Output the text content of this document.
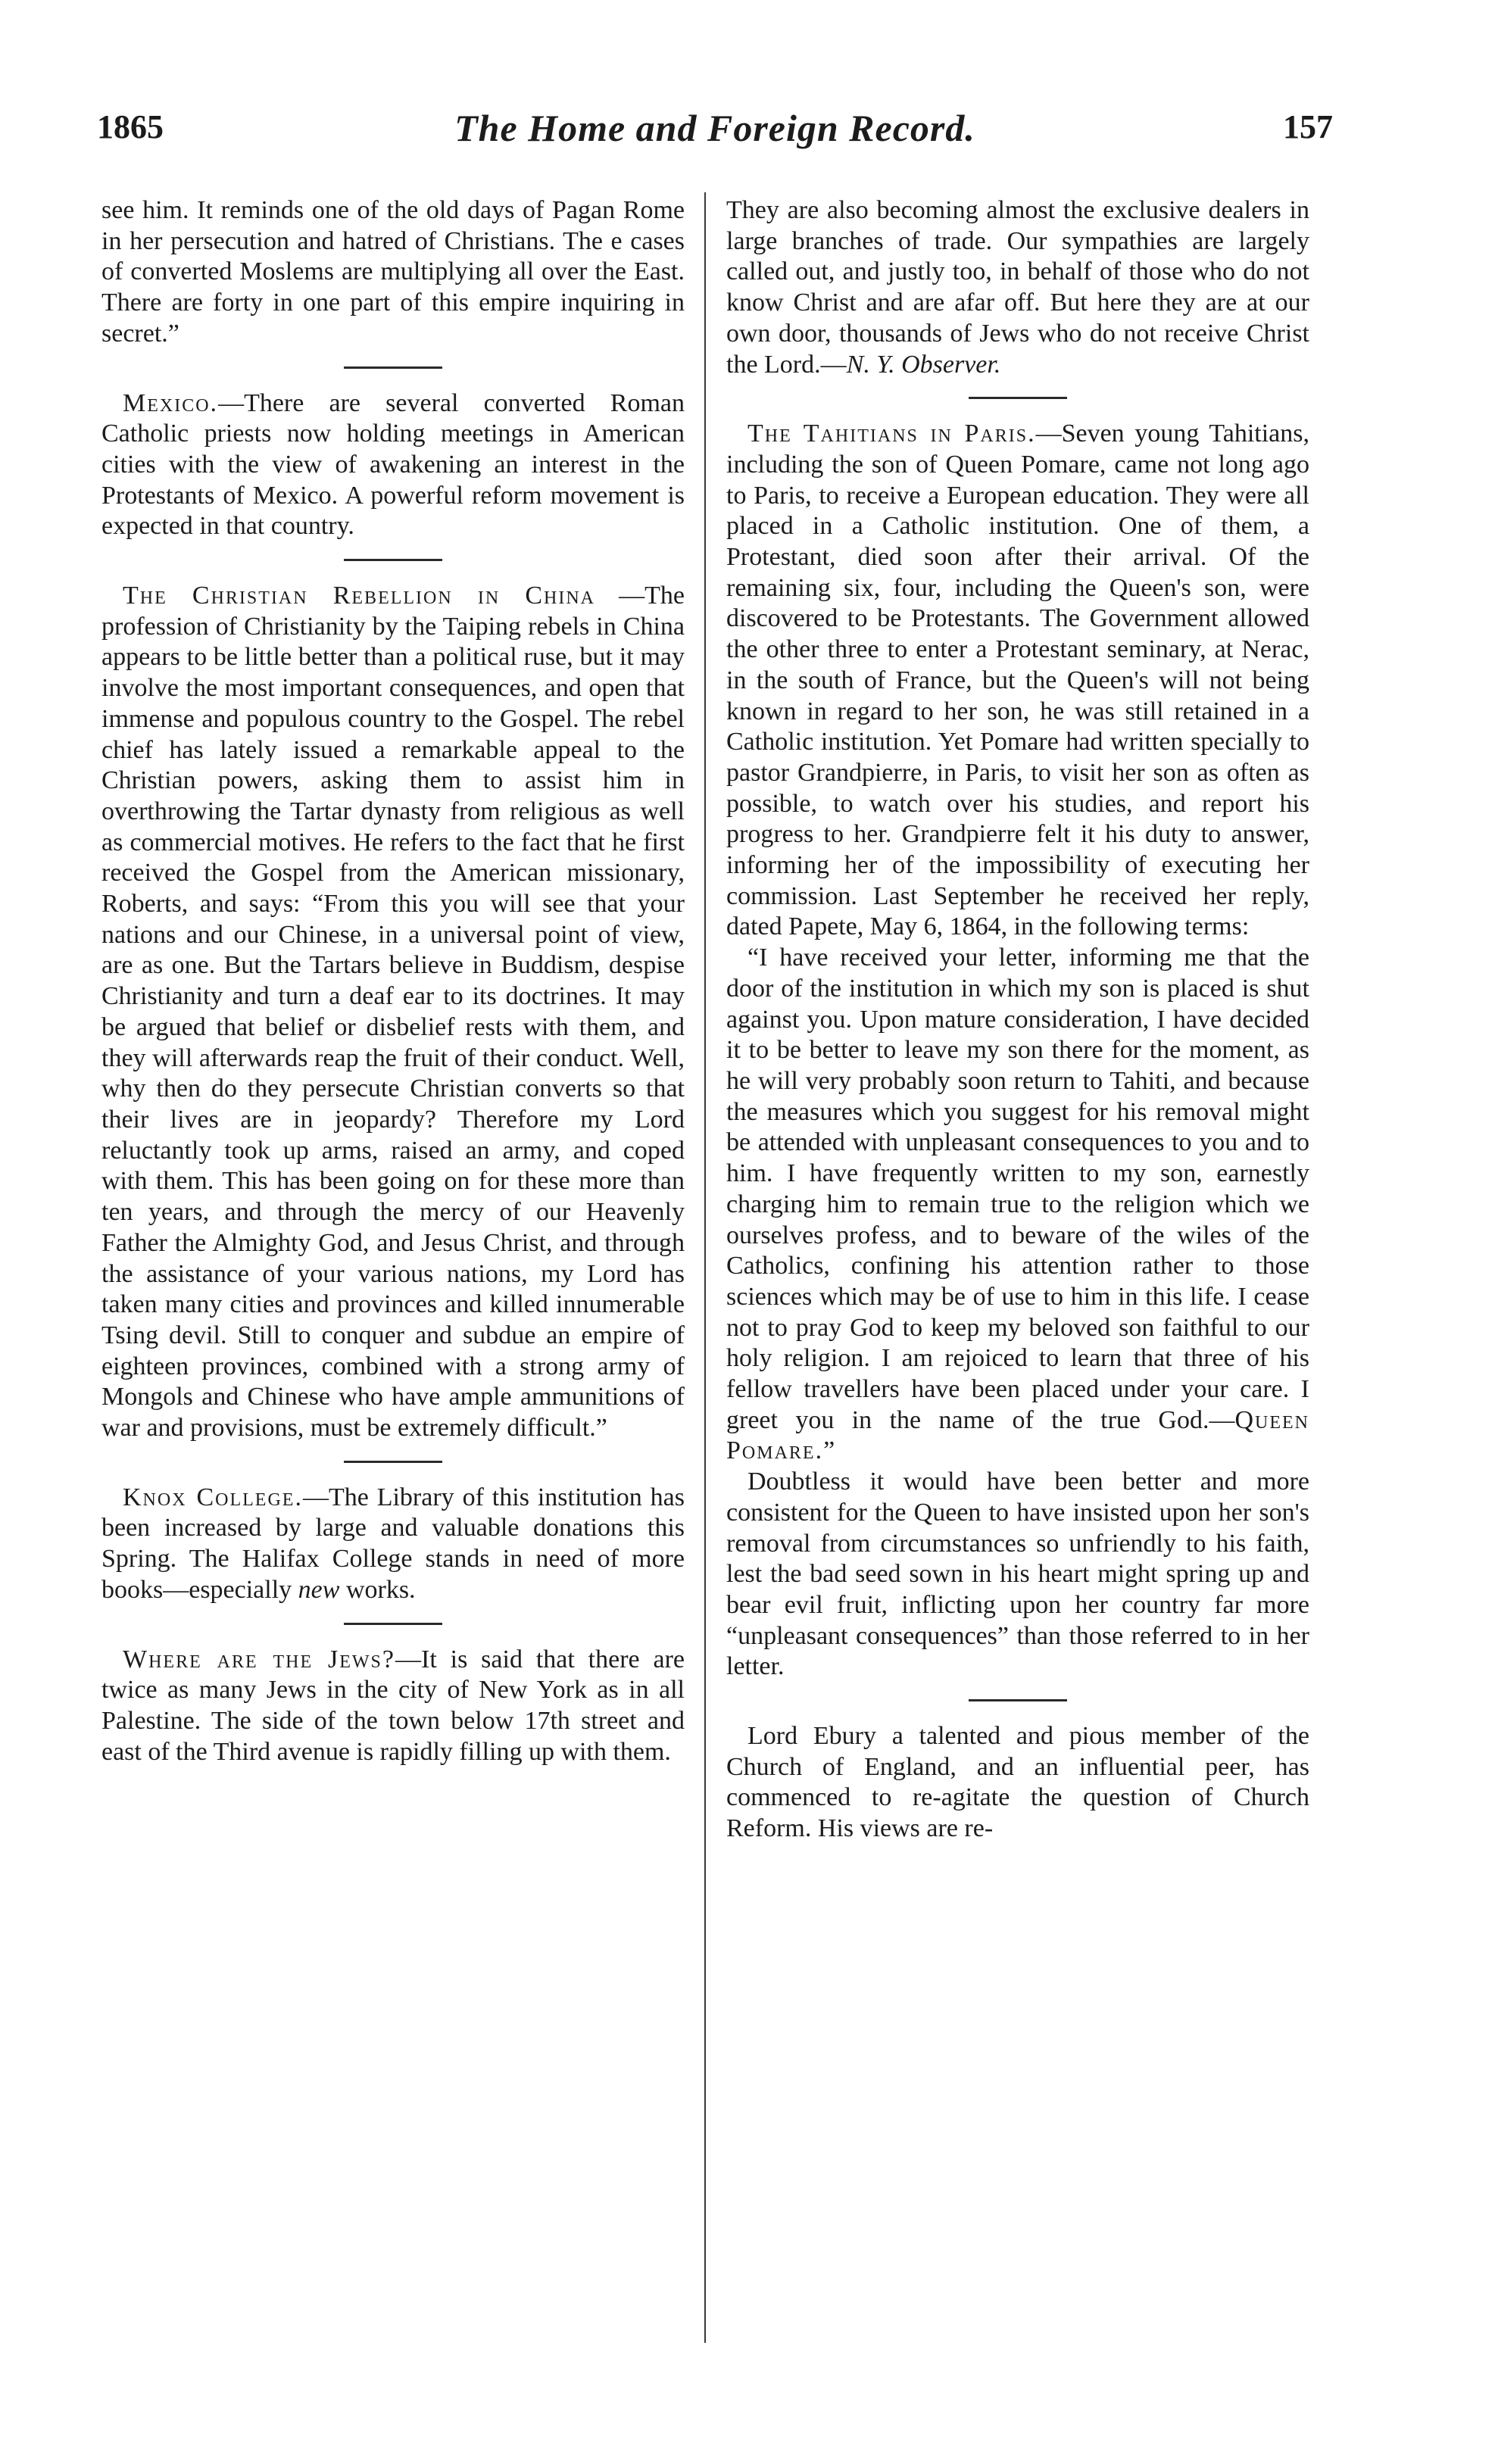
1865	The Home and Foreign Record.	157

see him. It reminds one of the old days of Pagan Rome in her persecution and hatred of Christians. The e cases of converted Moslems are multiplying all over the East. There are forty in one part of this empire inquiring in secret.”

Mexico.—There are several converted Roman Catholic priests now holding meetings in American cities with the view of awakening an interest in the Protestants of Mexico. A powerful reform movement is expected in that country.

The Christian Rebellion in China —The profession of Christianity by the Taiping rebels in China appears to be little better than a political ruse, but it may involve the most important consequences, and open that immense and populous country to the Gospel. The rebel chief has lately issued a remarkable appeal to the Christian powers, asking them to assist him in overthrowing the Tartar dynasty from religious as well as commercial motives. He refers to the fact that he first received the Gospel from the American missionary, Roberts, and says: “From this you will see that your nations and our Chinese, in a universal point of view, are as one. But the Tartars believe in Buddism, despise Christianity and turn a deaf ear to its doctrines. It may be argued that belief or disbelief rests with them, and they will afterwards reap the fruit of their conduct. Well, why then do they persecute Christian converts so that their lives are in jeopardy? Therefore my Lord reluctantly took up arms, raised an army, and coped with them. This has been going on for these more than ten years, and through the mercy of our Heavenly Father the Almighty God, and Jesus Christ, and through the assistance of your various nations, my Lord has taken many cities and provinces and killed innumerable Tsing devil. Still to conquer and subdue an empire of eighteen provinces, combined with a strong army of Mongols and Chinese who have ample ammunitions of war and provisions, must be extremely difficult.”

Knox College.—The Library of this institution has been increased by large and valuable donations this Spring. The Halifax College stands in need of more books—especially new works.

Where are the Jews?—It is said that there are twice as many Jews in the city of New York as in all Palestine. The side of the town below 17th street and east of the Third avenue is rapidly filling up with them.

They are also becoming almost the exclusive dealers in large branches of trade. Our sympathies are largely called out, and justly too, in behalf of those who do not know Christ and are afar off. But here they are at our own door, thousands of Jews who do not receive Christ the Lord.—N. Y. Observer.

The Tahitians in Paris.—Seven young Tahitians, including the son of Queen Pomare, came not long ago to Paris, to receive a European education. They were all placed in a Catholic institution. One of them, a Protestant, died soon after their arrival. Of the remaining six, four, including the Queen's son, were discovered to be Protestants. The Government allowed the other three to enter a Protestant seminary, at Nerac, in the south of France, but the Queen's will not being known in regard to her son, he was still retained in a Catholic institution. Yet Pomare had written specially to pastor Grandpierre, in Paris, to visit her son as often as possible, to watch over his studies, and report his progress to her. Grandpierre felt it his duty to answer, informing her of the impossibility of executing her commission. Last September he received her reply, dated Papete, May 6, 1864, in the following terms:

“I have received your letter, informing me that the door of the institution in which my son is placed is shut against you. Upon mature consideration, I have decided it to be better to leave my son there for the moment, as he will very probably soon return to Tahiti, and because the measures which you suggest for his removal might be attended with unpleasant consequences to you and to him. I have frequently written to my son, earnestly charging him to remain true to the religion which we ourselves profess, and to beware of the wiles of the Catholics, confining his attention rather to those sciences which may be of use to him in this life. I cease not to pray God to keep my beloved son faithful to our holy religion. I am rejoiced to learn that three of his fellow travellers have been placed under your care. I greet you in the name of the true God.—Queen Pomare.”

Doubtless it would have been better and more consistent for the Queen to have insisted upon her son's removal from circumstances so unfriendly to his faith, lest the bad seed sown in his heart might spring up and bear evil fruit, inflicting upon her country far more “unpleasant consequences” than those referred to in her letter.

Lord Ebury a talented and pious member of the Church of England, and an influential peer, has commenced to re-agitate the question of Church Reform. His views are re-
